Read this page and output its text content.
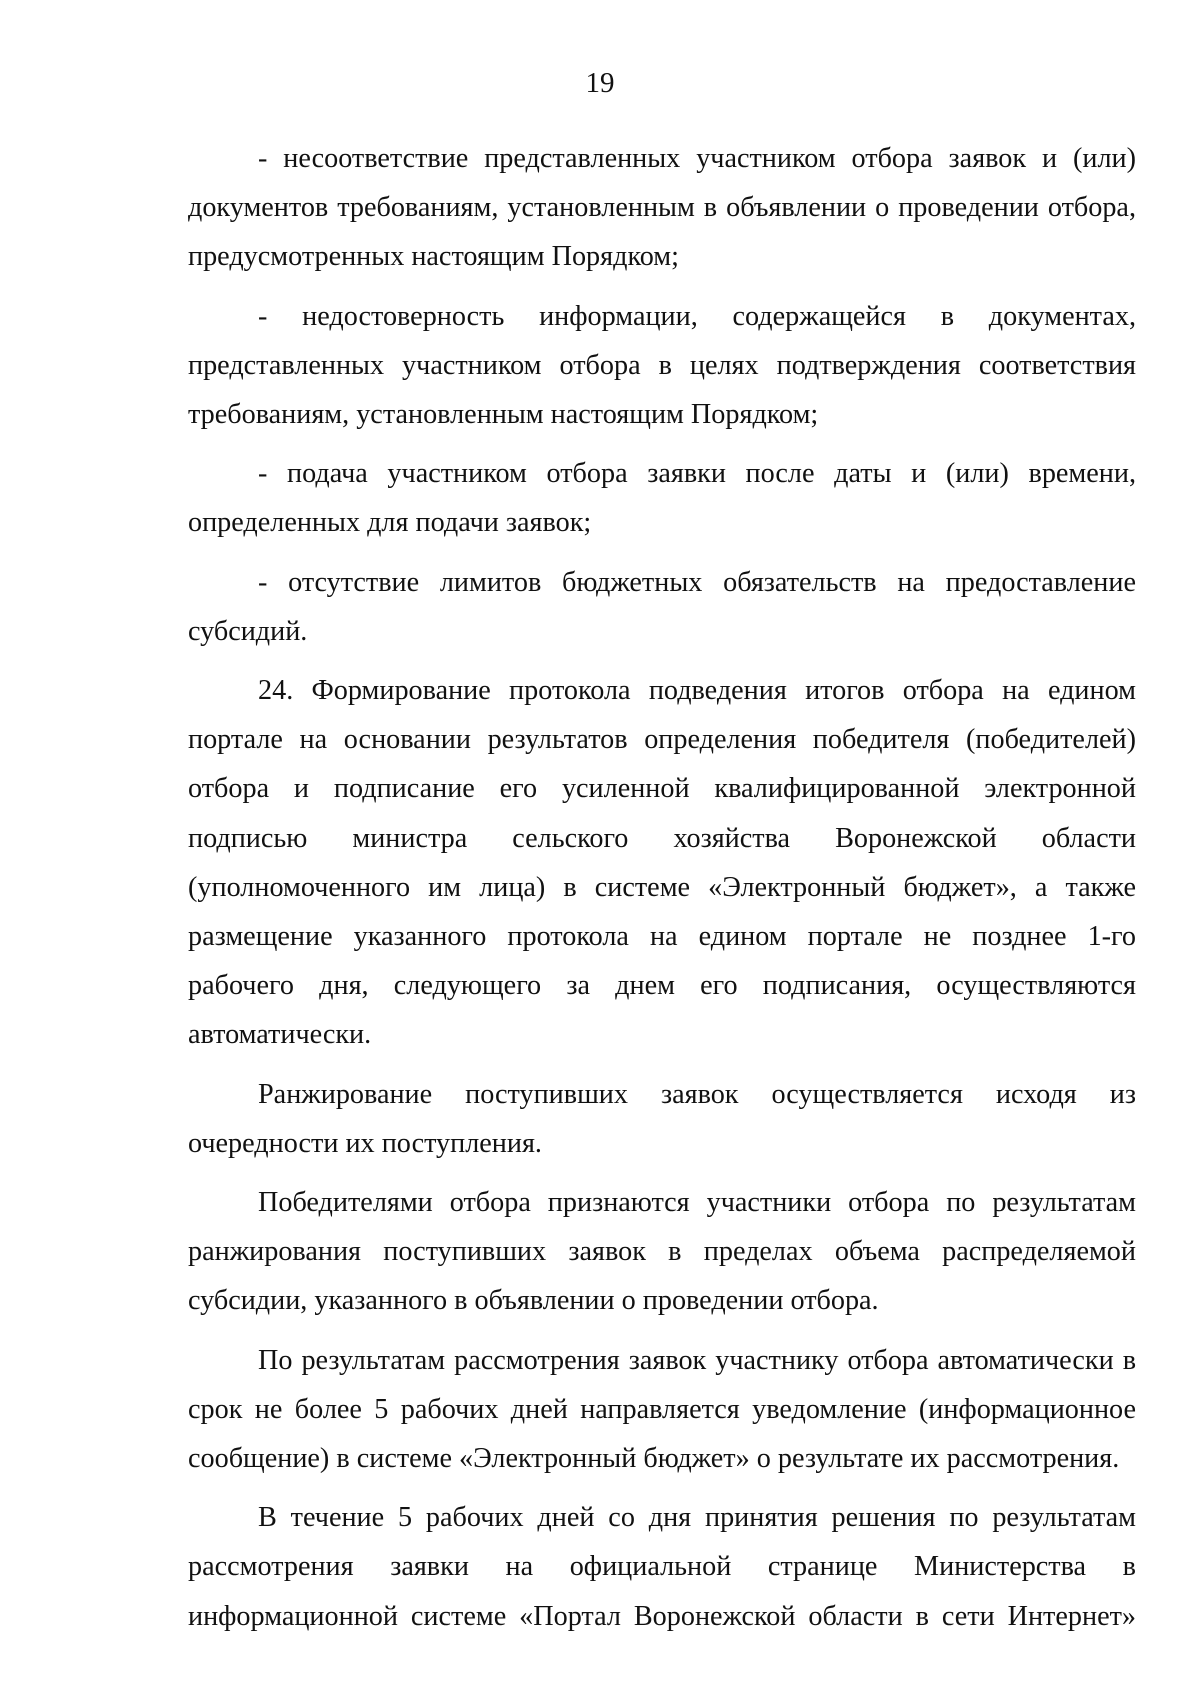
19

- несоответствие представленных участником отбора заявок и (или) документов требованиям, установленным в объявлении о проведении отбора, предусмотренных настоящим Порядком;

- недостоверность информации, содержащейся в документах, представленных участником отбора в целях подтверждения соответствия требованиям, установленным настоящим Порядком;

- подача участником отбора заявки после даты и (или) времени, определенных для подачи заявок;

- отсутствие лимитов бюджетных обязательств на предоставление субсидий.

24. Формирование протокола подведения итогов отбора на едином портале на основании результатов определения победителя (победителей) отбора и подписание его усиленной квалифицированной электронной подписью министра сельского хозяйства Воронежской области (уполномоченного им лица) в системе «Электронный бюджет», а также размещение указанного протокола на едином портале не позднее 1-го рабочего дня, следующего за днем его подписания, осуществляются автоматически.

Ранжирование поступивших заявок осуществляется исходя из очередности их поступления.

Победителями отбора признаются участники отбора по результатам ранжирования поступивших заявок в пределах объема распределяемой субсидии, указанного в объявлении о проведении отбора.

По результатам рассмотрения заявок участнику отбора автоматически в срок не более 5 рабочих дней направляется уведомление (информационное сообщение) в системе «Электронный бюджет» о результате их рассмотрения.

В течение 5 рабочих дней со дня принятия решения по результатам рассмотрения заявки на официальной странице Министерства в информационной системе «Портал Воронежской области в сети Интернет»
